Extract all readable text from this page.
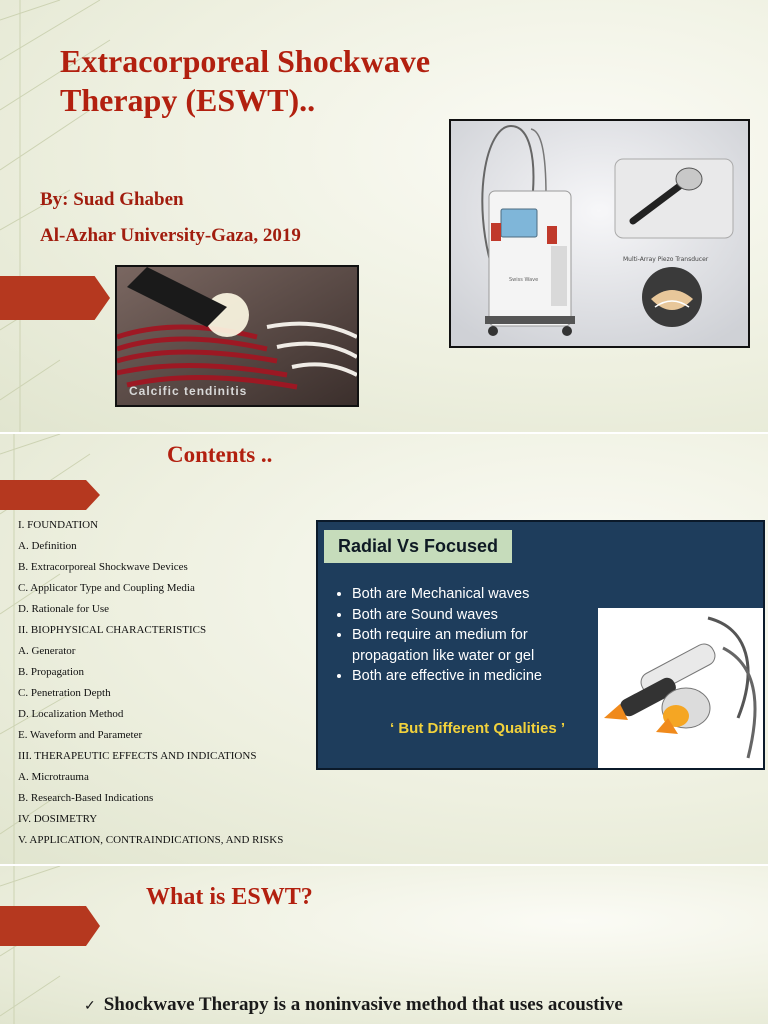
Extracorporeal Shockwave
Therapy (ESWT)..
By: Suad Ghaben
Al-Azhar University-Gaza, 2019
Swiss Wave
Multi-Array Piezo Transducer
Calcific tendinitis
Contents ..
I. FOUNDATION
A. Definition
B. Extracorporeal Shockwave Devices
C. Applicator Type and Coupling Media
D. Rationale for Use
II. BIOPHYSICAL CHARACTERISTICS
A. Generator
B. Propagation
C. Penetration Depth
D. Localization Method
E. Waveform and Parameter
III. THERAPEUTIC EFFECTS AND INDICATIONS
A. Microtrauma
B. Research-Based Indications
IV. DOSIMETRY
V. APPLICATION, CONTRAINDICATIONS, AND RISKS
Radial Vs Focused
• Both are Mechanical waves
• Both are Sound waves
• Both require an medium for propagation like water or gel
• Both are effective in medicine
‘ But Different Qualities ’
What is ESWT?
✓ Shockwave Therapy is a noninvasive method that uses acoustive
